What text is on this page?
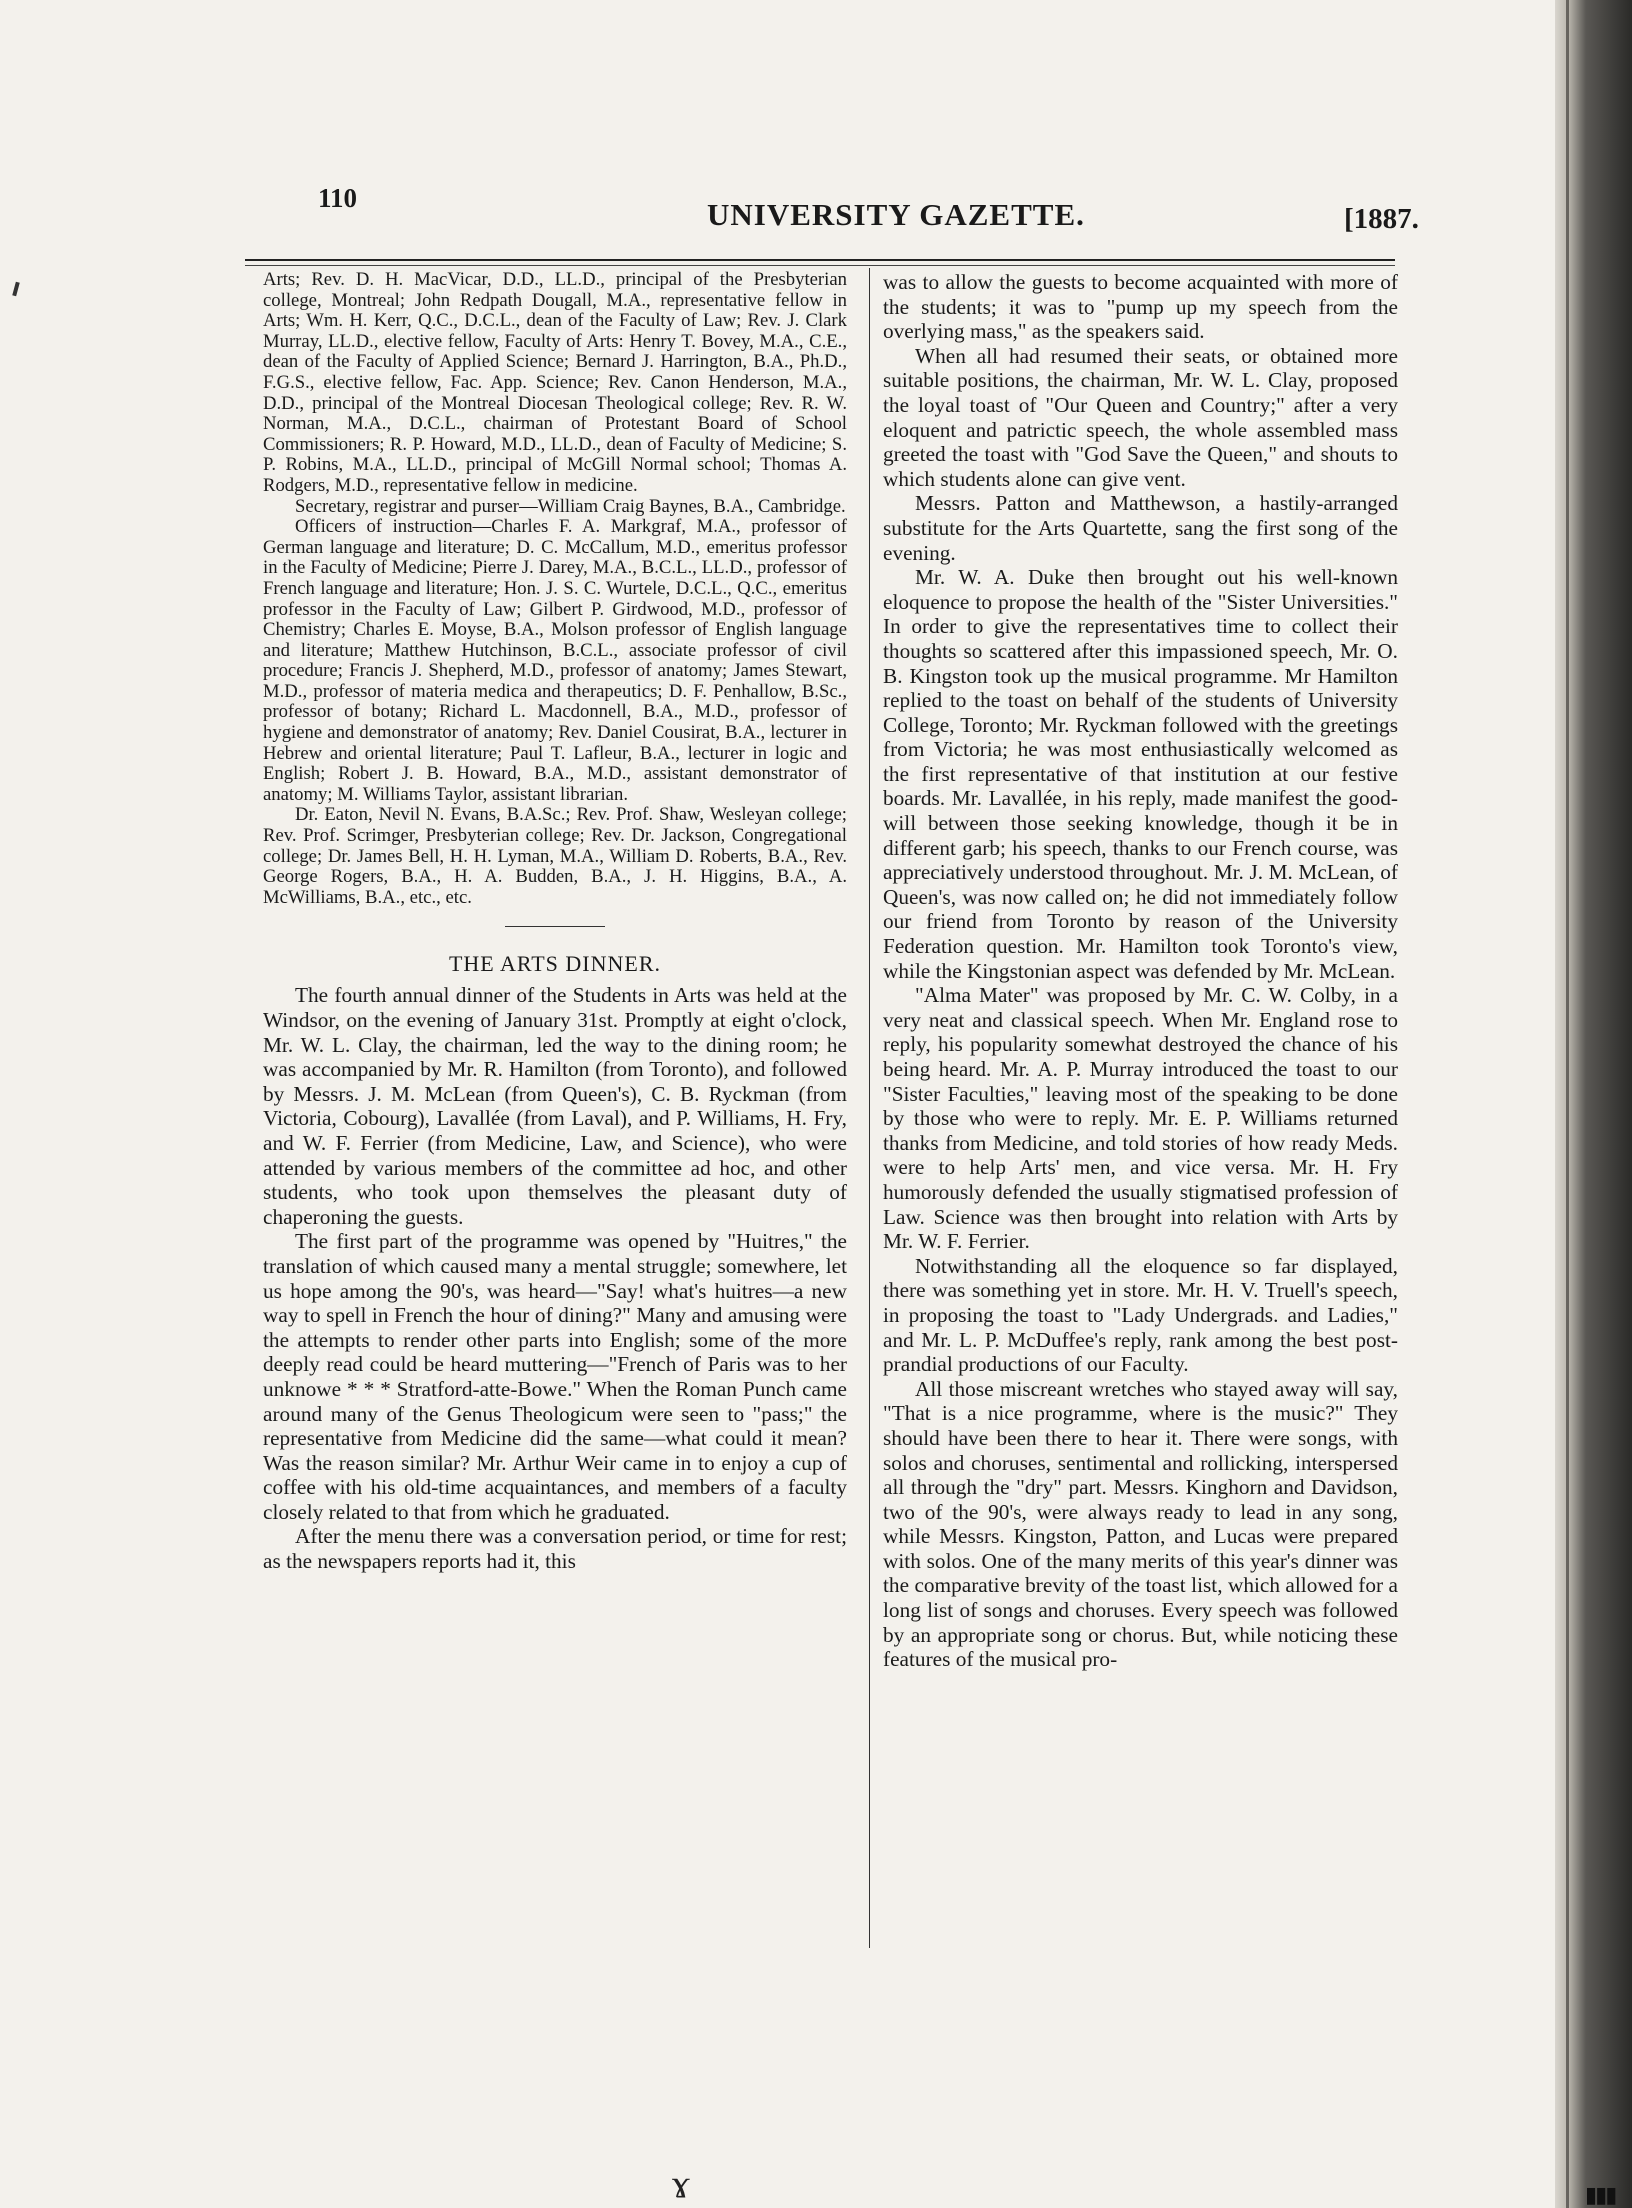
ɤ	▮▮▮
110	UNIVERSITY GAZETTE.	[1887.

Arts; Rev. D. H. MacVicar, D.D., LL.D., principal of the Presbyterian college, Montreal; John Redpath Dougall, M.A., representative fellow in Arts; Wm. H. Kerr, Q.C., D.C.L., dean of the Faculty of Law; Rev. J. Clark Murray, LL.D., elective fellow, Faculty of Arts: Henry T. Bovey, M.A., C.E., dean of the Faculty of Applied Science; Bernard J. Harrington, B.A., Ph.D., F.G.S., elective fellow, Fac. App. Science; Rev. Canon Henderson, M.A., D.D., principal of the Montreal Diocesan Theological college; Rev. R. W. Norman, M.A., D.C.L., chairman of Protestant Board of School Commissioners; R. P. Howard, M.D., LL.D., dean of Faculty of Medicine; S. P. Robins, M.A., LL.D., principal of McGill Normal school; Thomas A. Rodgers, M.D., representative fellow in medicine.

Secretary, registrar and purser—William Craig Baynes, B.A., Cambridge.

Officers of instruction—Charles F. A. Markgraf, M.A., professor of German language and literature; D. C. McCallum, M.D., emeritus professor in the Faculty of Medicine; Pierre J. Darey, M.A., B.C.L., LL.D., professor of French language and literature; Hon. J. S. C. Wurtele, D.C.L., Q.C., emeritus professor in the Faculty of Law; Gilbert P. Girdwood, M.D., professor of Chemistry; Charles E. Moyse, B.A., Molson professor of English language and literature; Matthew Hutchinson, B.C.L., associate professor of civil procedure; Francis J. Shepherd, M.D., professor of anatomy; James Stewart, M.D., professor of materia medica and therapeutics; D. F. Penhallow, B.Sc., professor of botany; Richard L. Macdonnell, B.A., M.D., professor of hygiene and demonstrator of anatomy; Rev. Daniel Cousirat, B.A., lecturer in Hebrew and oriental literature; Paul T. Lafleur, B.A., lecturer in logic and English; Robert J. B. Howard, B.A., M.D., assistant demonstrator of anatomy; M. Williams Taylor, assistant librarian.

Dr. Eaton, Nevil N. Evans, B.A.Sc.; Rev. Prof. Shaw, Wesleyan college; Rev. Prof. Scrimger, Presbyterian college; Rev. Dr. Jackson, Congregational college; Dr. James Bell, H. H. Lyman, M.A., William D. Roberts, B.A., Rev. George Rogers, B.A., H. A. Budden, B.A., J. H. Higgins, B.A., A. McWilliams, B.A., etc., etc.

THE ARTS DINNER.

The fourth annual dinner of the Students in Arts was held at the Windsor, on the evening of January 31st. Promptly at eight o'clock, Mr. W. L. Clay, the chairman, led the way to the dining room; he was accompanied by Mr. R. Hamilton (from Toronto), and followed by Messrs. J. M. McLean (from Queen's), C. B. Ryckman (from Victoria, Cobourg), Lavallée (from Laval), and P. Williams, H. Fry, and W. F. Ferrier (from Medicine, Law, and Science), who were attended by various members of the committee ad hoc, and other students, who took upon themselves the pleasant duty of chaperoning the guests.

The first part of the programme was opened by "Huitres," the translation of which caused many a mental struggle; somewhere, let us hope among the 90's, was heard—"Say! what's huitres—a new way to spell in French the hour of dining?" Many and amusing were the attempts to render other parts into English; some of the more deeply read could be heard muttering—"French of Paris was to her unknowe * * * Stratford-atte-Bowe." When the Roman Punch came around many of the Genus Theologicum were seen to "pass;" the representative from Medicine did the same—what could it mean? Was the reason similar? Mr. Arthur Weir came in to enjoy a cup of coffee with his old-time acquaintances, and members of a faculty closely related to that from which he graduated.

After the menu there was a conversation period, or time for rest; as the newspapers reports had it, this

was to allow the guests to become acquainted with more of the students; it was to "pump up my speech from the overlying mass," as the speakers said.

When all had resumed their seats, or obtained more suitable positions, the chairman, Mr. W. L. Clay, proposed the loyal toast of "Our Queen and Country;" after a very eloquent and patrictic speech, the whole assembled mass greeted the toast with "God Save the Queen," and shouts to which students alone can give vent.

Messrs. Patton and Matthewson, a hastily-arranged substitute for the Arts Quartette, sang the first song of the evening.

Mr. W. A. Duke then brought out his well-known eloquence to propose the health of the "Sister Universities." In order to give the representatives time to collect their thoughts so scattered after this impassioned speech, Mr. O. B. Kingston took up the musical programme. Mr Hamilton replied to the toast on behalf of the students of University College, Toronto; Mr. Ryckman followed with the greetings from Victoria; he was most enthusiastically welcomed as the first representative of that institution at our festive boards. Mr. Lavallée, in his reply, made manifest the good-will between those seeking knowledge, though it be in different garb; his speech, thanks to our French course, was appreciatively understood throughout. Mr. J. M. McLean, of Queen's, was now called on; he did not immediately follow our friend from Toronto by reason of the University Federation question. Mr. Hamilton took Toronto's view, while the Kingstonian aspect was defended by Mr. McLean.

"Alma Mater" was proposed by Mr. C. W. Colby, in a very neat and classical speech. When Mr. England rose to reply, his popularity somewhat destroyed the chance of his being heard. Mr. A. P. Murray introduced the toast to our "Sister Faculties," leaving most of the speaking to be done by those who were to reply. Mr. E. P. Williams returned thanks from Medicine, and told stories of how ready Meds. were to help Arts' men, and vice versa. Mr. H. Fry humorously defended the usually stigmatised profession of Law. Science was then brought into relation with Arts by Mr. W. F. Ferrier.

Notwithstanding all the eloquence so far displayed, there was something yet in store. Mr. H. V. Truell's speech, in proposing the toast to "Lady Undergrads. and Ladies," and Mr. L. P. McDuffee's reply, rank among the best post-prandial productions of our Faculty.

All those miscreant wretches who stayed away will say, "That is a nice programme, where is the music?" They should have been there to hear it. There were songs, with solos and choruses, sentimental and rollicking, interspersed all through the "dry" part. Messrs. Kinghorn and Davidson, two of the 90's, were always ready to lead in any song, while Messrs. Kingston, Patton, and Lucas were prepared with solos. One of the many merits of this year's dinner was the comparative brevity of the toast list, which allowed for a long list of songs and choruses. Every speech was followed by an appropriate song or chorus. But, while noticing these features of the musical pro-
